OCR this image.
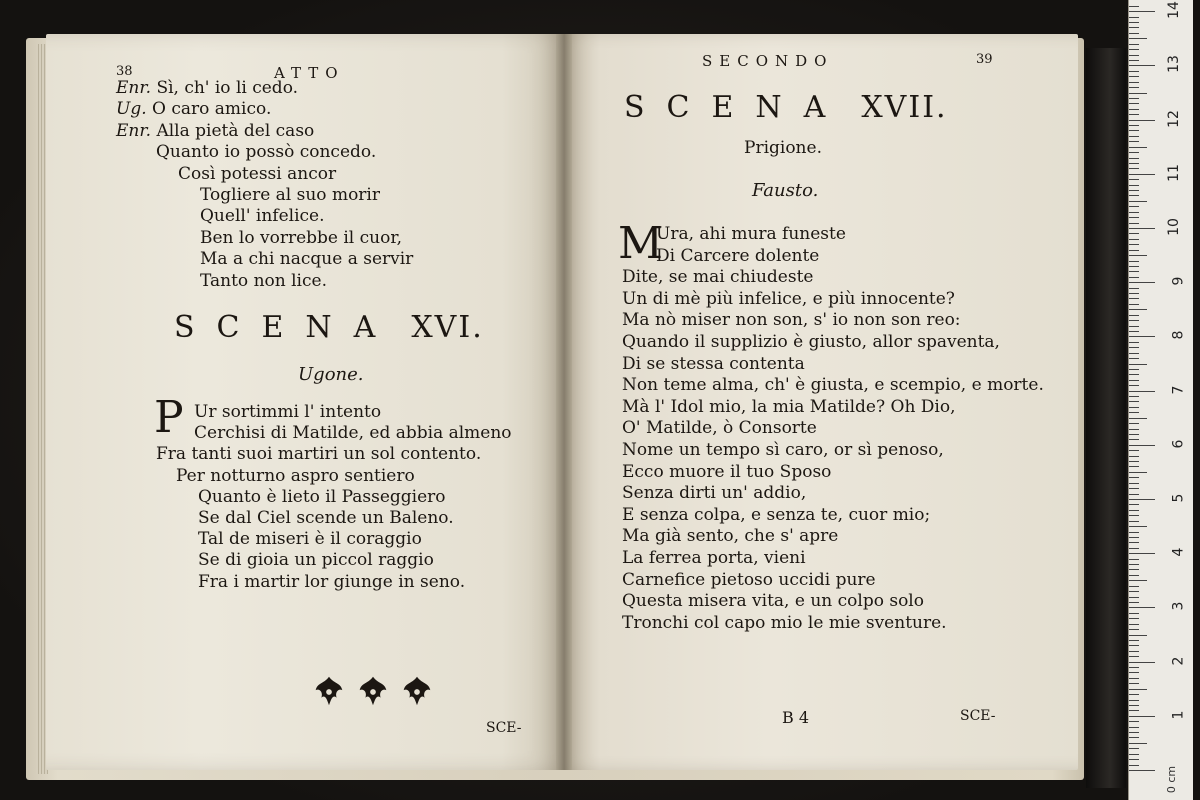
38	ATTO
Enr. Sì, ch' io li cedo.
Ug. O caro amico.
Enr. Alla pietà del caso
Quanto io possò concedo.
Così potessi ancor
Togliere al suo morir
Quell' infelice.
Ben lo vorrebbe il cuor,
Ma a chi nacque a servir
Tanto non lice.
SCENA XVI.
Ugone.
P Ur sortimmi l' intento
Cerchisi di Matilde, ed abbia almeno
Fra tanti suoi martiri un sol contento.
Per notturno aspro sentiero
Quanto è lieto il Passeggiero
Se dal Ciel scende un Baleno.
Tal de miseri è il coraggio
Se di gioia un piccol raggio
Fra i martir lor giunge in seno.
SCE-
SECONDO	39
SCENA XVII.
Prigione.
Fausto.
M
Ura, ahi mura funeste
Di Carcere dolente
Dite, se mai chiudeste
Un di mè più infelice, e più innocente?
Ma nò miser non son, s' io non son reo:
Quando il supplizio è giusto, allor spaventa,
Di se stessa contenta
Non teme alma, ch' è giusta, e scempio, e morte.
Mà l' Idol mio, la mia Matilde? Oh Dio,
O' Matilde, ò Consorte
Nome un tempo sì caro, or sì penoso,
Ecco muore il tuo Sposo
Senza dirti un' addio,
E senza colpa, e senza te, cuor mio;
Ma già sento, che s' apre
La ferrea porta, vieni
Carnefice pietoso uccidi pure
Questa misera vita, e un colpo solo
Tronchi col capo mio le mie sventure.
B 4	SCE-
0 cm
14
13
12
11
10
9
8
7
6
5
4
3
2
1
